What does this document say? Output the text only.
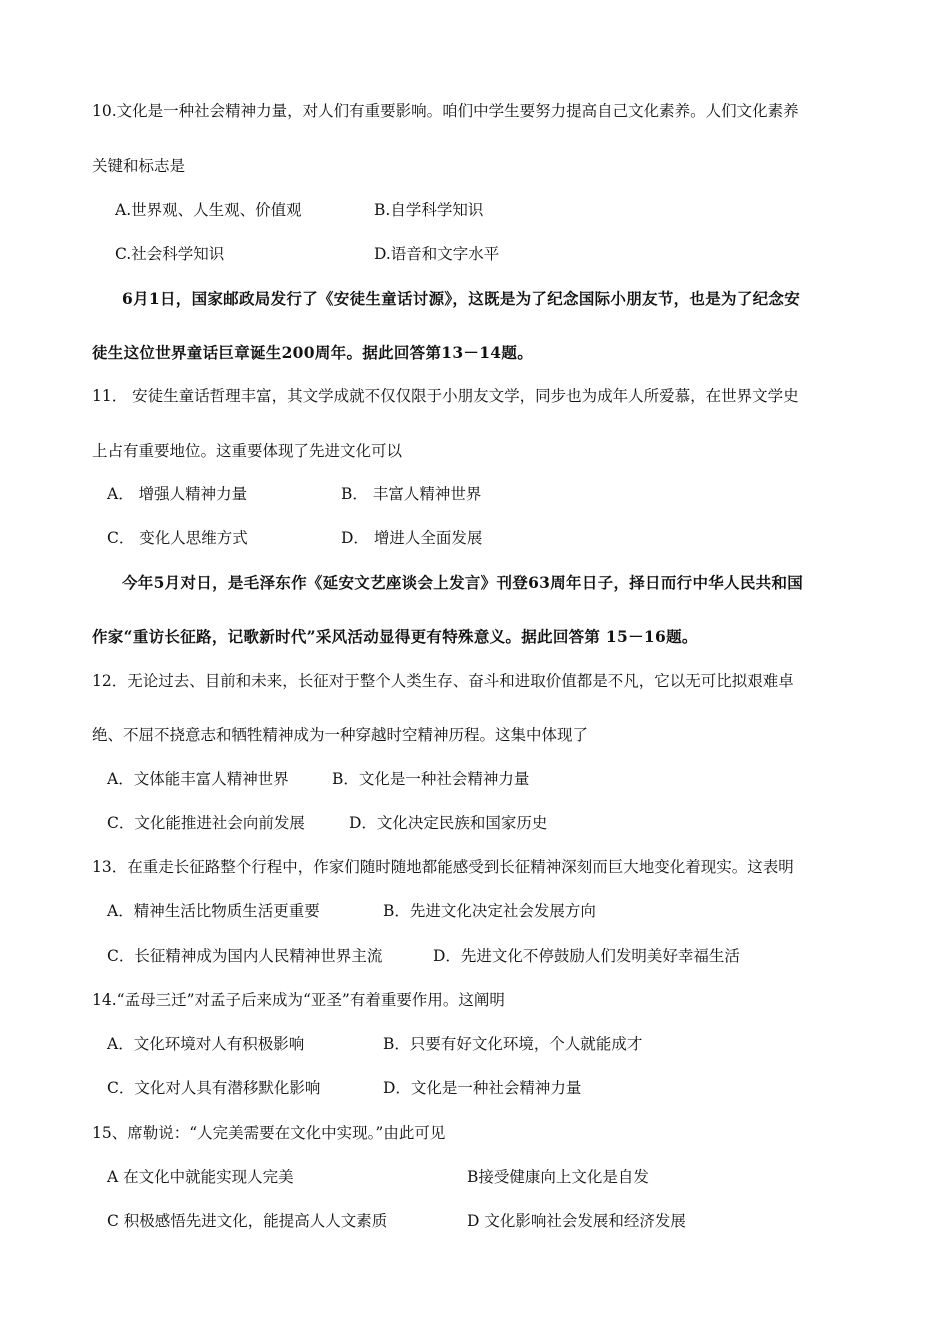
10.文化是一种社会精神力量，对人们有重要影响。咱们中学生要努力提高自己文化素养。人们文化素养
关键和标志是
A.世界观、人生观、价值观	B.自学科学知识
C.社会科学知识	D.语音和文字水平
6月1日，国家邮政局发行了《安徒生童话讨源》，这既是为了纪念国际小朋友节，也是为了纪念安
徒生这位世界童话巨章诞生200周年。据此回答第13－14题。
11． 安徒生童话哲理丰富，其文学成就不仅仅限于小朋友文学，同步也为成年人所爱慕，在世界文学史
上占有重要地位。这重要体现了先进文化可以
A． 增强人精神力量	B． 丰富人精神世界
C． 变化人思维方式	D． 增进人全面发展
今年5月对日，是毛泽东作《延安文艺座谈会上发言》刊登63周年日子，择日而行中华人民共和国
作家“重访长征路，记歌新时代”采风活动显得更有特殊意义。据此回答第 15－16题。
12．无论过去、目前和未来，长征对于整个人类生存、奋斗和进取价值都是不凡，它以无可比拟艰难卓
绝、不屈不挠意志和牺牲精神成为一种穿越时空精神历程。这集中体现了
A．文体能丰富人精神世界	B．文化是一种社会精神力量
C．文化能推进社会向前发展	D．文化决定民族和国家历史
13．在重走长征路整个行程中，作家们随时随地都能感受到长征精神深刻而巨大地变化着现实。这表明
A．精神生活比物质生活更重要	B．先进文化决定社会发展方向
C．长征精神成为国内人民精神世界主流	D．先进文化不停鼓励人们发明美好幸福生活
14.“孟母三迁”对孟子后来成为“亚圣”有着重要作用。这阐明
A．文化环境对人有积极影响	B．只要有好文化环境，个人就能成才
C．文化对人具有潜移默化影响	D．文化是一种社会精神力量
15、席勒说：“人完美需要在文化中实现。”由此可见
A 在文化中就能实现人完美	B接受健康向上文化是自发
C 积极感悟先进文化，能提高人人文素质	D 文化影响社会发展和经济发展
